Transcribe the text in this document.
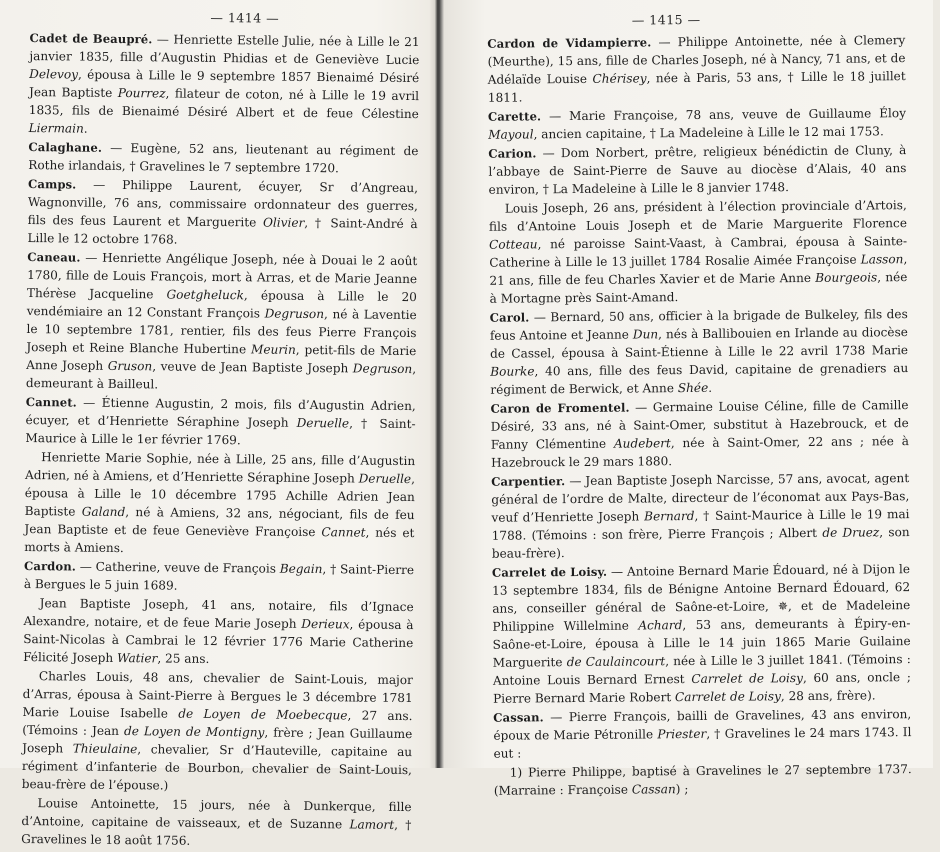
— 1414 —

Cadet de Beaupré. — Henriette Estelle Julie, née à Lille le 21 janvier 1835, fille d’Augustin Phidias et de Geneviève Lucie Delevoy, épousa à Lille le 9 septembre 1857 Bienaimé Désiré Jean Baptiste Pourrez, filateur de coton, né à Lille le 19 avril 1835, fils de Bienaimé Désiré Albert et de feue Célestine Liermain.

Calaghane. — Eugène, 52 ans, lieutenant au régiment de Rothe irlandais, † Gravelines le 7 septembre 1720.

Camps. — Philippe Laurent, écuyer, Sr d’Angreau, Wagnonville, 76 ans, commissaire ordonnateur des guerres, fils des feus Laurent et Marguerite Olivier, † Saint-André à Lille le 12 octobre 1768.

Caneau. — Henriette Angélique Joseph, née à Douai le 2 août 1780, fille de Louis François, mort à Arras, et de Marie Jeanne Thérèse Jacqueline Goetgheluck, épousa à Lille le 20 vendémiaire an 12 Constant François Degruson, né à Laventie le 10 septembre 1781, rentier, fils des feus Pierre François Joseph et Reine Blanche Hubertine Meurin, petit-fils de Marie Anne Joseph Gruson, veuve de Jean Baptiste Joseph Degruson, demeurant à Bailleul.

Cannet. — Étienne Augustin, 2 mois, fils d’Augustin Adrien, écuyer, et d’Henriette Séraphine Joseph Deruelle, † Saint-Maurice à Lille le 1er février 1769.

Henriette Marie Sophie, née à Lille, 25 ans, fille d’Augustin Adrien, né à Amiens, et d’Henriette Séraphine Joseph Deruelle, épousa à Lille le 10 décembre 1795 Achille Adrien Jean Baptiste Galand, né à Amiens, 32 ans, négociant, fils de feu Jean Baptiste et de feue Geneviève Françoise Cannet, nés et morts à Amiens.

Cardon. — Catherine, veuve de François Begain, † Saint-Pierre à Bergues le 5 juin 1689.

Jean Baptiste Joseph, 41 ans, notaire, fils d’Ignace Alexandre, notaire, et de feue Marie Joseph Derieux, épousa à Saint-Nicolas à Cambrai le 12 février 1776 Marie Catherine Félicité Joseph Watier, 25 ans.

Charles Louis, 48 ans, chevalier de Saint-Louis, major d’Arras, épousa à Saint-Pierre à Bergues le 3 décembre 1781 Marie Louise Isabelle de Loyen de Moebecque, 27 ans. (Témoins : Jean de Loyen de Montigny, frère ; Jean Guillaume Joseph Thieulaine, chevalier, Sr d’Hauteville, capitaine au régiment d’infanterie de Bourbon, chevalier de Saint-Louis, beau-frère de l’épouse.)

Louise Antoinette, 15 jours, née à Dunkerque, fille d’Antoine, capitaine de vaisseaux, et de Suzanne Lamort, † Gravelines le 18 août 1756.

— 1415 —

Cardon de Vidampierre. — Philippe Antoinette, née à Clemery (Meurthe), 15 ans, fille de Charles Joseph, né à Nancy, 71 ans, et de Adélaïde Louise Chérisey, née à Paris, 53 ans, † Lille le 18 juillet 1811.

Carette. — Marie Françoise, 78 ans, veuve de Guillaume Éloy Mayoul, ancien capitaine, † La Madeleine à Lille le 12 mai 1753.

Carion. — Dom Norbert, prêtre, religieux bénédictin de Cluny, à l’abbaye de Saint-Pierre de Sauve au diocèse d’Alais, 40 ans environ, † La Madeleine à Lille le 8 janvier 1748.

Louis Joseph, 26 ans, président à l’élection provinciale d’Artois, fils d’Antoine Louis Joseph et de Marie Marguerite Florence Cotteau, né paroisse Saint-Vaast, à Cambrai, épousa à Sainte-Catherine à Lille le 13 juillet 1784 Rosalie Aimée Françoise Lasson, 21 ans, fille de feu Charles Xavier et de Marie Anne Bourgeois, née à Mortagne près Saint-Amand.

Carol. — Bernard, 50 ans, officier à la brigade de Bulkeley, fils des feus Antoine et Jeanne Dun, nés à Ballibouien en Irlande au diocèse de Cassel, épousa à Saint-Étienne à Lille le 22 avril 1738 Marie Bourke, 40 ans, fille des feus David, capitaine de grenadiers au régiment de Berwick, et Anne Shée.

Caron de Fromentel. — Germaine Louise Céline, fille de Camille Désiré, 33 ans, né à Saint-Omer, substitut à Hazebrouck, et de Fanny Clémentine Audebert, née à Saint-Omer, 22 ans ; née à Hazebrouck le 29 mars 1880.

Carpentier. — Jean Baptiste Joseph Narcisse, 57 ans, avocat, agent général de l’ordre de Malte, directeur de l’économat aux Pays-Bas, veuf d’Henriette Joseph Bernard, † Saint-Maurice à Lille le 19 mai 1788. (Témoins : son frère, Pierre François ; Albert de Druez, son beau-frère).

Carrelet de Loisy. — Antoine Bernard Marie Édouard, né à Dijon le 13 septembre 1834, fils de Bénigne Antoine Bernard Édouard, 62 ans, conseiller général de Saône-et-Loire, ✵, et de Madeleine Philippine Willelmine Achard, 53 ans, demeurants à Épiry-en-Saône-et-Loire, épousa à Lille le 14 juin 1865 Marie Guilaine Marguerite de Caulaincourt, née à Lille le 3 juillet 1841. (Témoins : Antoine Louis Bernard Ernest Carrelet de Loisy, 60 ans, oncle ; Pierre Bernard Marie Robert Carrelet de Loisy, 28 ans, frère).

Cassan. — Pierre François, bailli de Gravelines, 43 ans environ, époux de Marie Pétronille Priester, † Gravelines le 24 mars 1743. Il eut :

1) Pierre Philippe, baptisé à Gravelines le 27 septembre 1737. (Marraine : Françoise Cassan) ;
